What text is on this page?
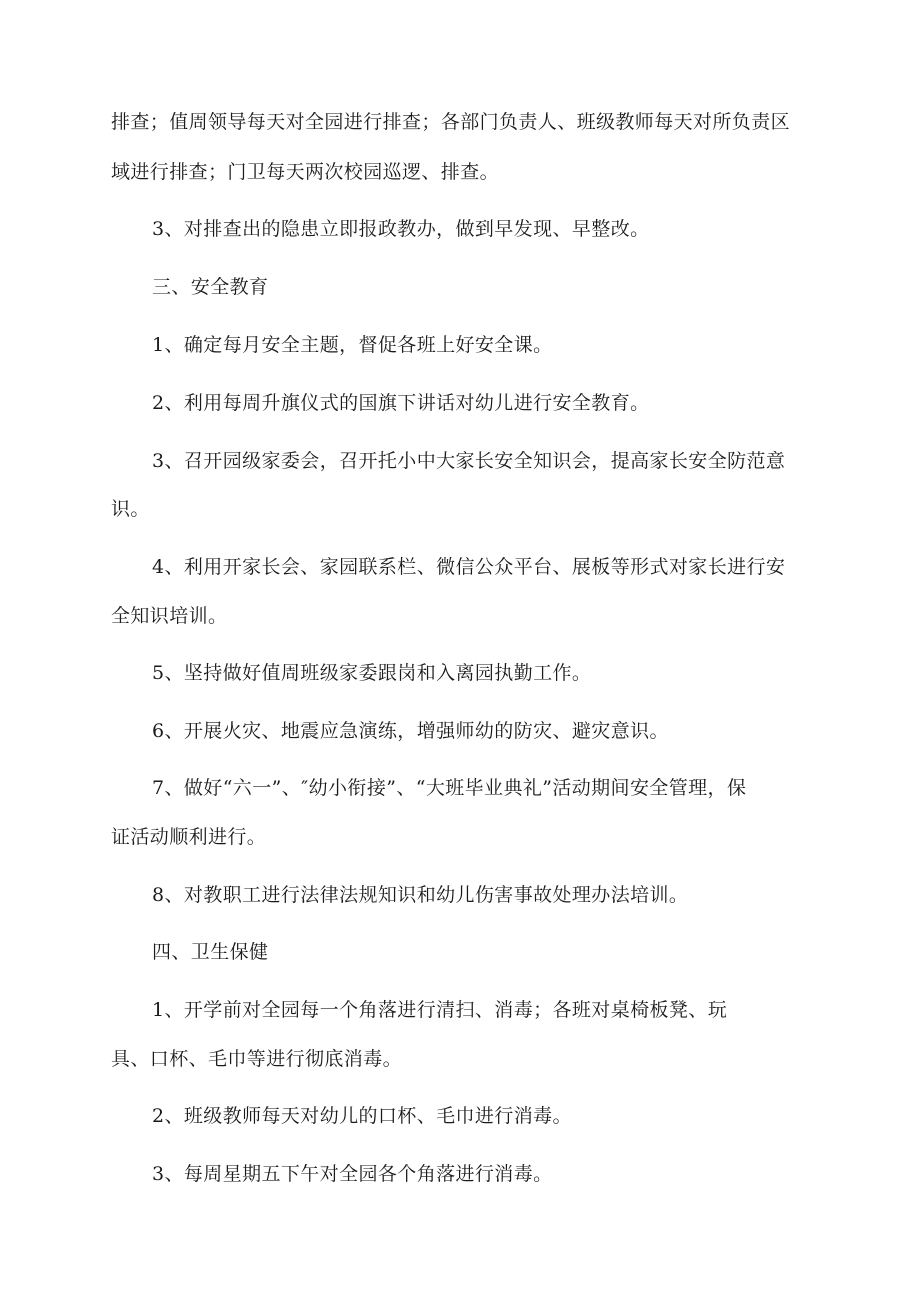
排查；值周领导每天对全园进行排查；各部门负责人、班级教师每天对所负责区
域进行排查；门卫每天两次校园巡逻、排查。
3、对排查出的隐患立即报政教办，做到早发现、早整改。
三、安全教育
1、确定每月安全主题，督促各班上好安全课。
2、利用每周升旗仪式的国旗下讲话对幼儿进行安全教育。
3、召开园级家委会，召开托小中大家长安全知识会，提高家长安全防范意
识。
4、利用开家长会、家园联系栏、微信公众平台、展板等形式对家长进行安
全知识培训。
5、坚持做好值周班级家委跟岗和入离园执勤工作。
6、开展火灾、地震应急演练，增强师幼的防灾、避灾意识。
7、做好“六一”、″幼小衔接”、“大班毕业典礼”活动期间安全管理，保
证活动顺利进行。
8、对教职工进行法律法规知识和幼儿伤害事故处理办法培训。
四、卫生保健
1、开学前对全园每一个角落进行清扫、消毒；各班对桌椅板凳、玩
具、口杯、毛巾等进行彻底消毒。
2、班级教师每天对幼儿的口杯、毛巾进行消毒。
3、每周星期五下午对全园各个角落进行消毒。
